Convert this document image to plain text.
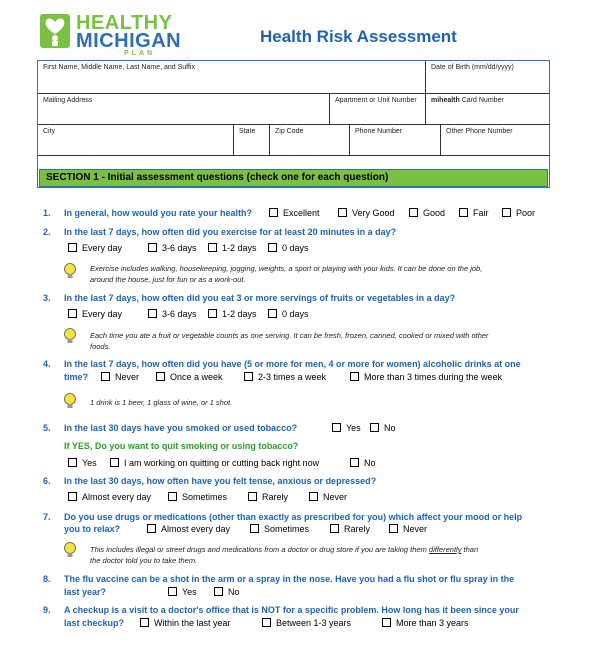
HEALTHY
MICHIGAN
PLAN
Health Risk Assessment
First Name, Middle Name, Last Name, and Suffix	Date of Birth (mm/dd/yyyy)
Mailing Address	Apartment or Unit Number	mihealth Card Number
City	State	Zip Code	Phone Number	Other Phone Number
SECTION 1 - Initial assessment questions (check one for each question)
1. In general, how would you rate your health?	Excellent	Very Good	Good	Fair	Poor
2. In the last 7 days, how often did you exercise for at least 20 minutes in a day?
Every day	3-6 days	1-2 days	0 days
Exercise includes walking, housekeeping, jogging, weights, a sport or playing with your kids. It can be done on the job,
around the house, just for fun or as a work-out.
3. In the last 7 days, how often did you eat 3 or more servings of fruits or vegetables in a day?
Every day	3-6 days	1-2 days	0 days
Each time you ate a fruit or vegetable counts as one serving. It can be fresh, frozen, canned, cooked or mixed with other
foods.
4. In the last 7 days, how often did you have (5 or more for men, 4 or more for women) alcoholic drinks at one
time?	Never	Once a week	2-3 times a week	More than 3 times during the week
1 drink is 1 beer, 1 glass of wine, or 1 shot.
5. In the last 30 days have you smoked or used tobacco?	Yes	No
If YES, Do you want to quit smoking or using tobacco?
Yes	I am working on quitting or cutting back right now	No
6. In the last 30 days, how often have you felt tense, anxious or depressed?
Almost every day	Sometimes	Rarely	Never
7. Do you use drugs or medications (other than exactly as prescribed for you) which affect your mood or help
you to relax?	Almost every day	Sometimes	Rarely	Never
This includes illegal or street drugs and medications from a doctor or drug store if you are taking them differently than
the doctor told you to take them.
8. The flu vaccine can be a shot in the arm or a spray in the nose. Have you had a flu shot or flu spray in the
last year?	Yes	No
9. A checkup is a visit to a doctor's office that is NOT for a specific problem. How long has it been since your
last checkup?	Within the last year	Between 1-3 years	More than 3 years
